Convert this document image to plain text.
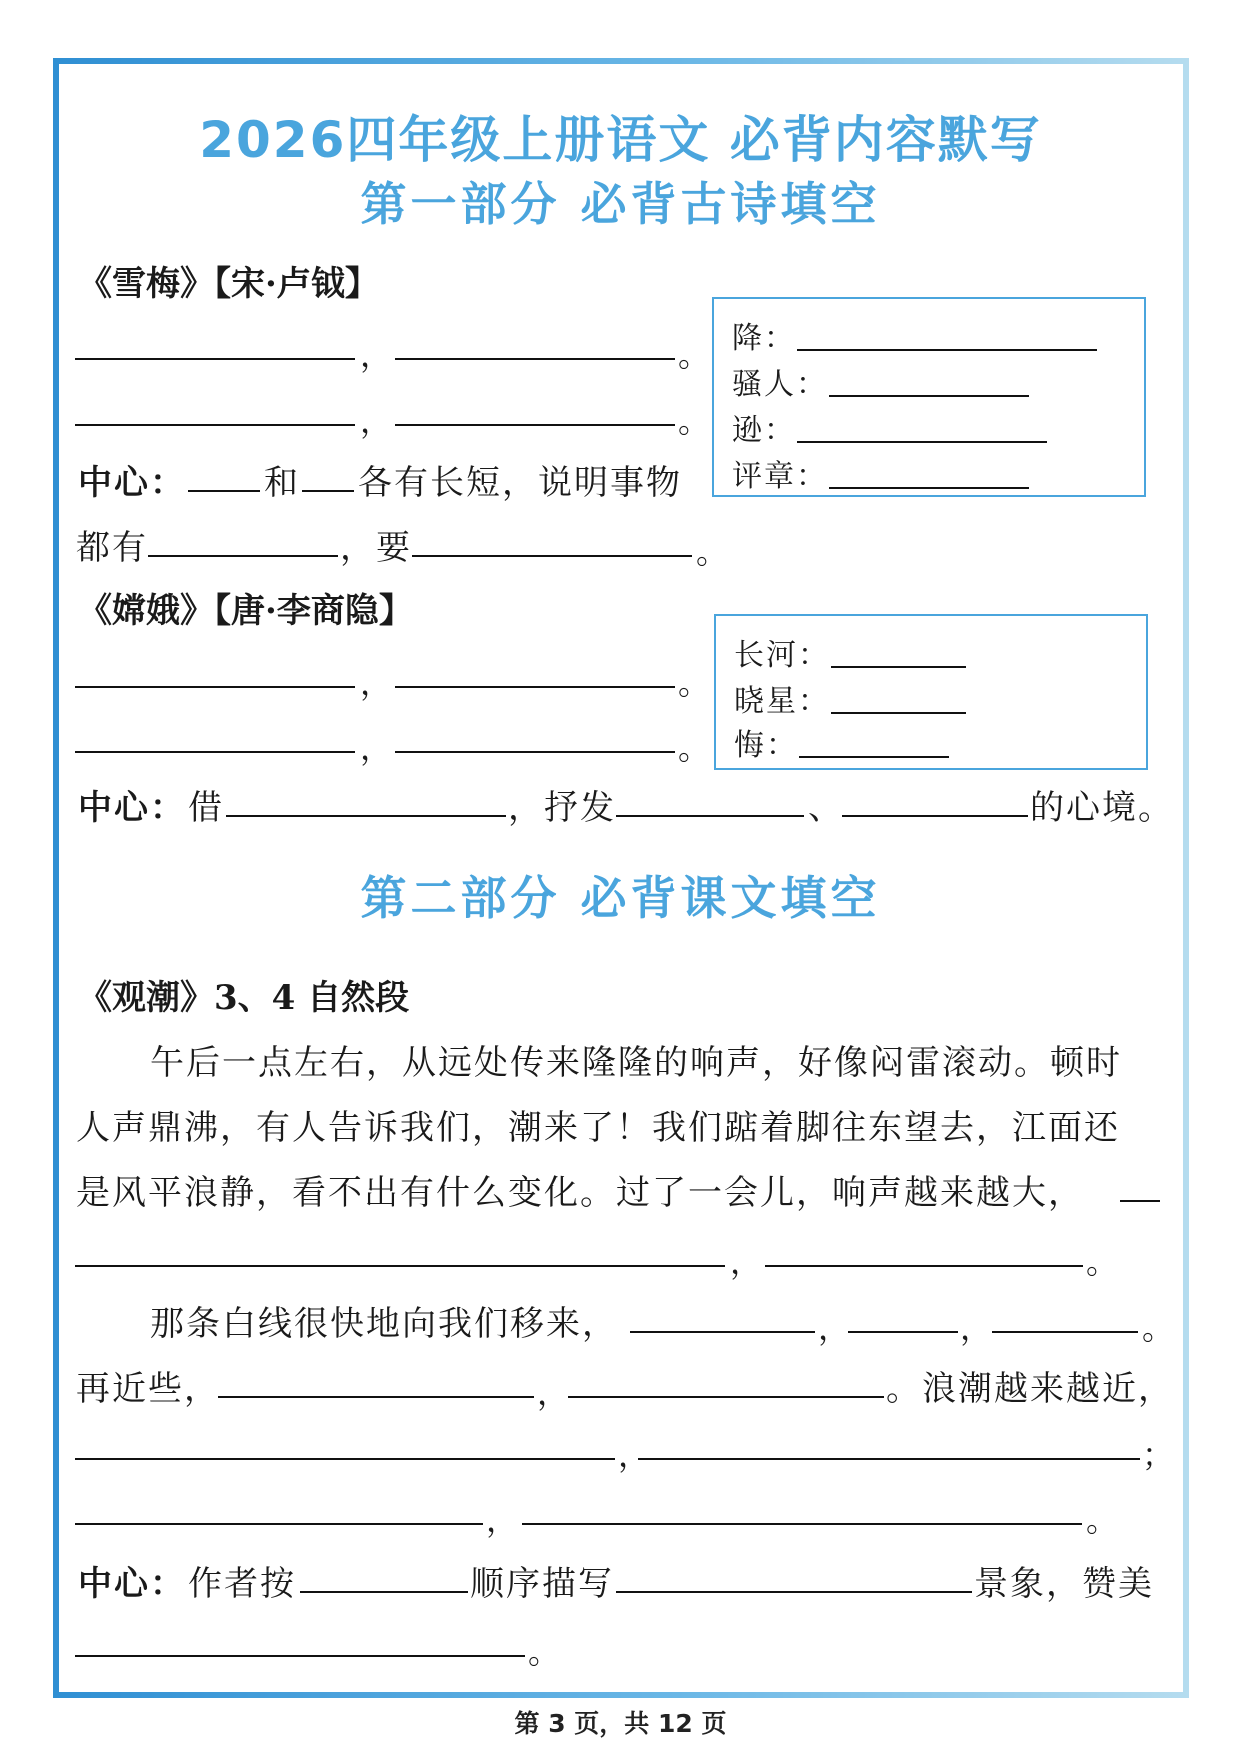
2026四年级上册语文 必背内容默写
第一部分 必背古诗填空
《雪梅》【宋·卢钺】
，	。
，	。
中心： 和 各有长短，说明事物
都有	，要	。
降：
骚人：
逊：
评章：
《嫦娥》【唐·李商隐】
，	。
，	。
长河：
晓星：
悔：
中心： 借	，抒发	、	的心境。
第二部分 必背课文填空
《观潮》3、4 自然段
午后一点左右，从远处传来隆隆的响声，好像闷雷滚动。顿时
人声鼎沸，有人告诉我们，潮来了！我们踮着脚往东望去，江面还
是风平浪静，看不出有什么变化。过了一会儿，响声越来越大，
，	。
那条白线很快地向我们移来，	，	，	。
再近些，	，	。浪潮越来越近，
，	；
，	。
中心： 作者按	顺序描写	景象，赞美
。
第 3 页，共 12 页
